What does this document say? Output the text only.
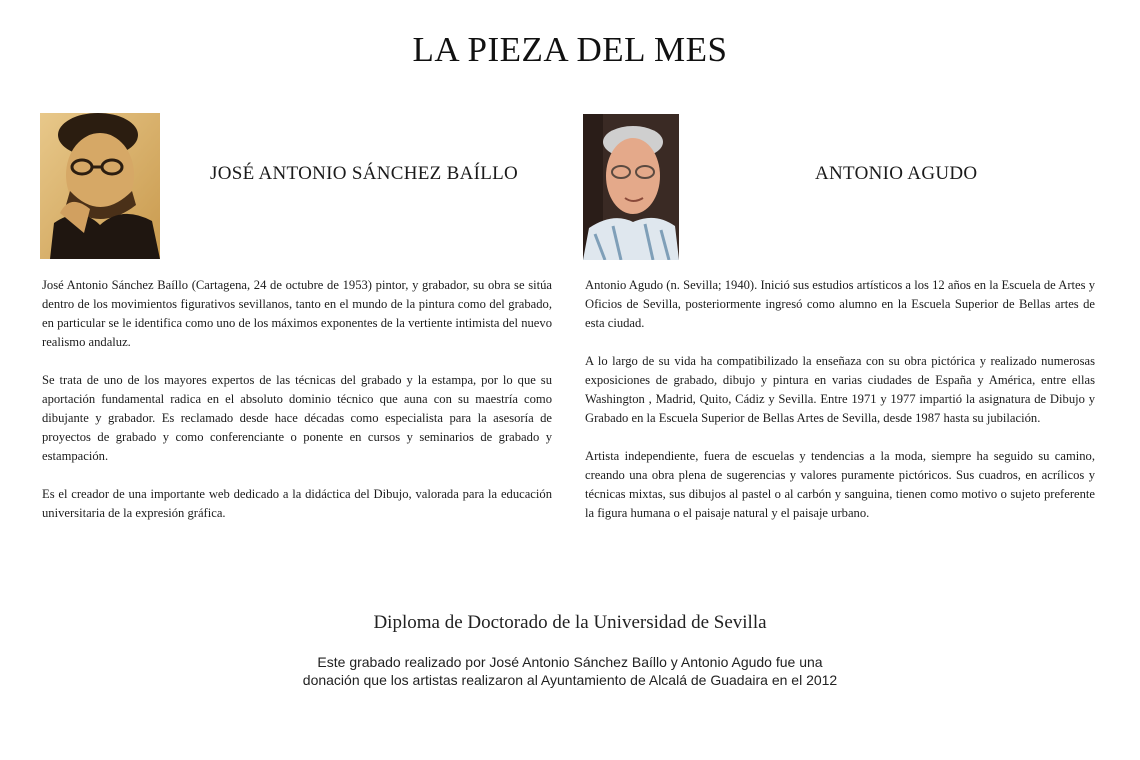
LA PIEZA DEL MES
JOSÉ ANTONIO SÁNCHEZ BAÍLLO	ANTONIO AGUDO

José Antonio Sánchez Baíllo (Cartagena, 24 de octubre de 1953) pintor, y grabador, su obra se sitúa dentro de los movimientos figurativos sevillanos, tanto en el mundo de la pintura como del grabado, en particular se le identifica como uno de los máximos exponentes de la vertiente intimista del nuevo realismo andaluz.

Se trata de uno de los mayores expertos de las técnicas del grabado y la estampa, por lo que su aportación fundamental radica en el absoluto dominio técnico que auna con su maestría como dibujante y grabador. Es reclamado desde hace décadas como especialista para la asesoría de proyectos de grabado y como conferenciante o ponente en cursos y seminarios de grabado y estampación.

Es el creador de una importante web dedicado a la didáctica del Dibujo, valorada para la educación universitaria de la expresión gráfica.

Antonio Agudo (n. Sevilla; 1940). Inició sus estudios artísticos a los 12 años en la Escuela de Artes y Oficios de Sevilla, posteriormente ingresó como alumno en la Escuela Superior de Bellas artes de esta ciudad.

A lo largo de su vida ha compatibilizado la enseñaza con su obra pictórica y realizado numerosas exposiciones de grabado, dibujo y pintura en varias ciudades de España y América, entre ellas Washington , Madrid, Quito, Cádiz y Sevilla. Entre 1971 y 1977 impartió la asignatura de Dibujo y Grabado en la Escuela Superior de Bellas Artes de Sevilla, desde 1987 hasta su jubilación.

Artista independiente, fuera de escuelas y tendencias a la moda, siempre ha seguido su camino, creando una obra plena de sugerencias y valores puramente pictóricos. Sus cuadros, en acrílicos y técnicas mixtas, sus dibujos al pastel o al carbón y sanguina, tienen como motivo o sujeto preferente la figura humana o el paisaje natural y el paisaje urbano.

Diploma de Doctorado de la Universidad de Sevilla
Este grabado realizado por José Antonio Sánchez Baíllo y Antonio Agudo fue una
donación que los artistas realizaron al Ayuntamiento de Alcalá de Guadaira en el 2012
